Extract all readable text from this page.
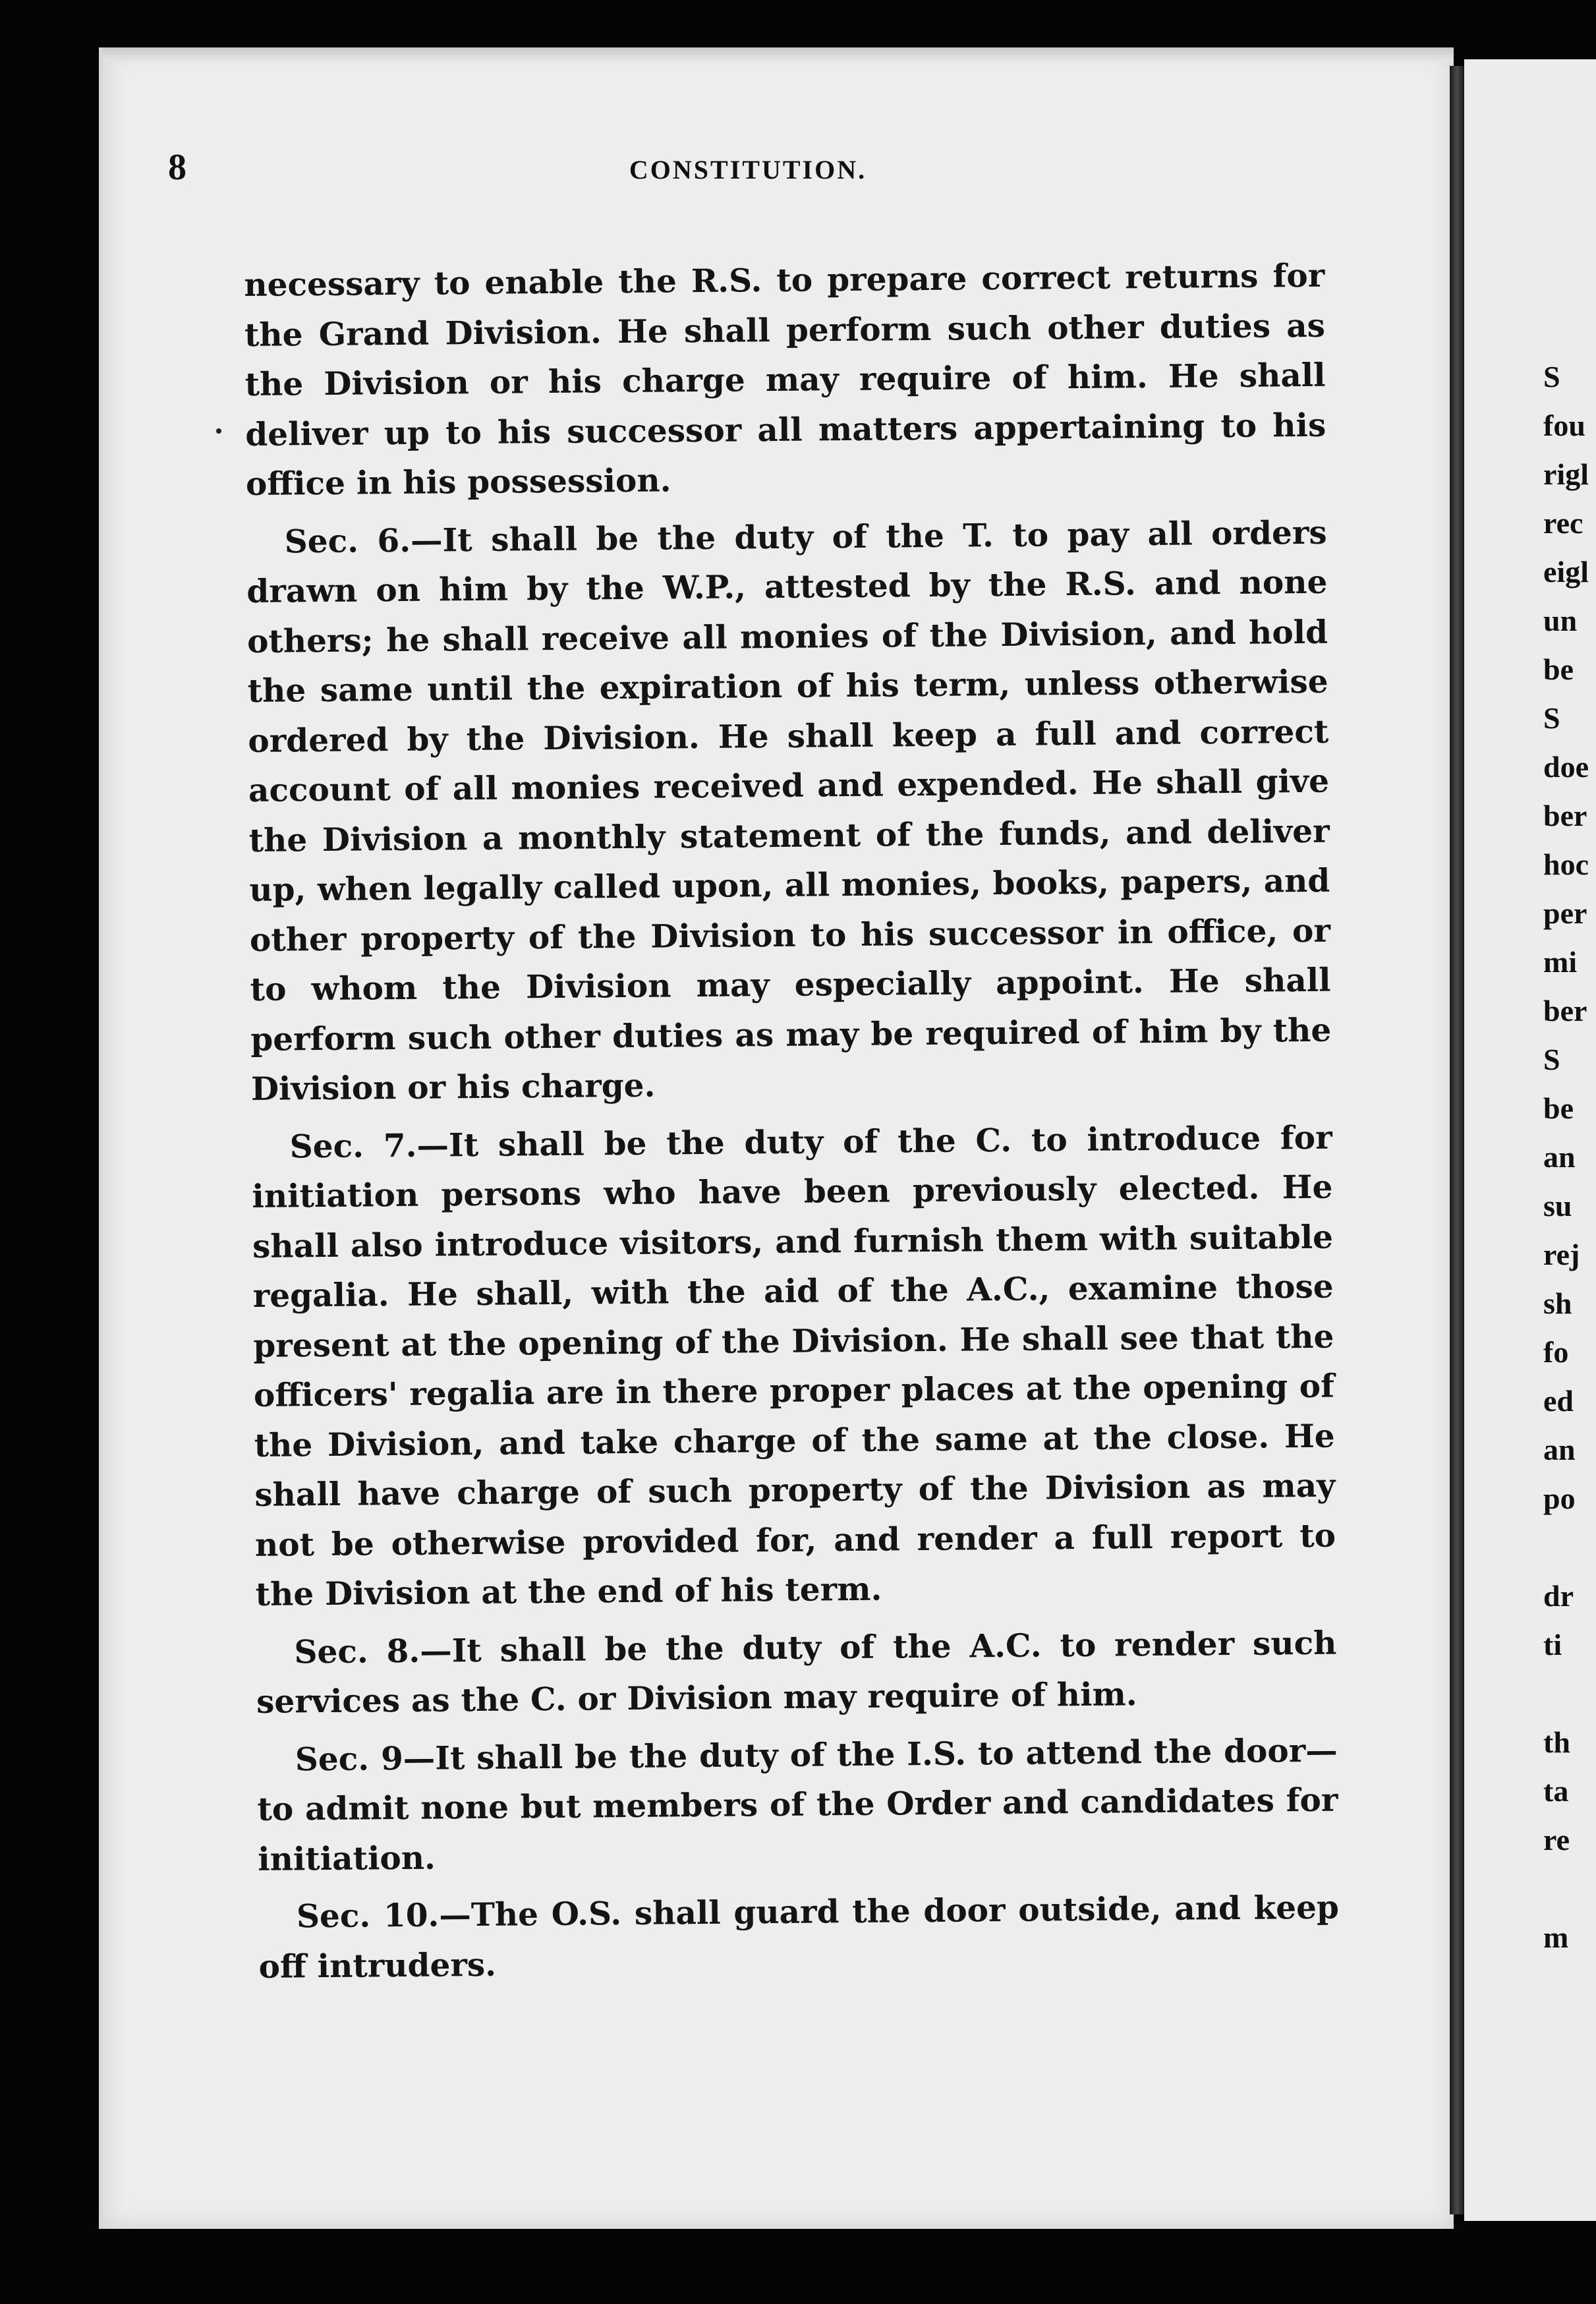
S
fou
rigl
rec
eigl
un
be
S
doe
ber
hoc
per
mi
ber
S
be
an
su
rej
sh
fo
ed
an
po

dr
ti

th
ta
re

m
8	CONSTITUTION.

necessary to enable the R.S. to prepare correct returns for the Grand Division. He shall perform such other duties as the Division or his charge may require of him. He shall deliver up to his successor all matters appertaining to his office in his possession.

Sec. 6.—It shall be the duty of the T. to pay all orders drawn on him by the W.P., attested by the R.S. and none others; he shall receive all monies of the Division, and hold the same until the expiration of his term, unless otherwise ordered by the Division. He shall keep a full and correct account of all monies received and expended. He shall give the Division a monthly statement of the funds, and deliver up, when legally called upon, all monies, books, papers, and other property of the Division to his successor in office, or to whom the Division may especially appoint. He shall perform such other duties as may be required of him by the Division or his charge.

Sec. 7.—It shall be the duty of the C. to introduce for initiation persons who have been previously elected. He shall also introduce visitors, and furnish them with suitable regalia. He shall, with the aid of the A.C., examine those present at the opening of the Division. He shall see that the officers' regalia are in there proper places at the opening of the Division, and take charge of the same at the close. He shall have charge of such property of the Division as may not be otherwise provided for, and render a full report to the Division at the end of his term.

Sec. 8.—It shall be the duty of the A.C. to render such services as the C. or Division may require of him.

Sec. 9—It shall be the duty of the I.S. to attend the door—to admit none but members of the Order and candidates for initiation.

Sec. 10.—The O.S. shall guard the door outside, and keep off intruders.
